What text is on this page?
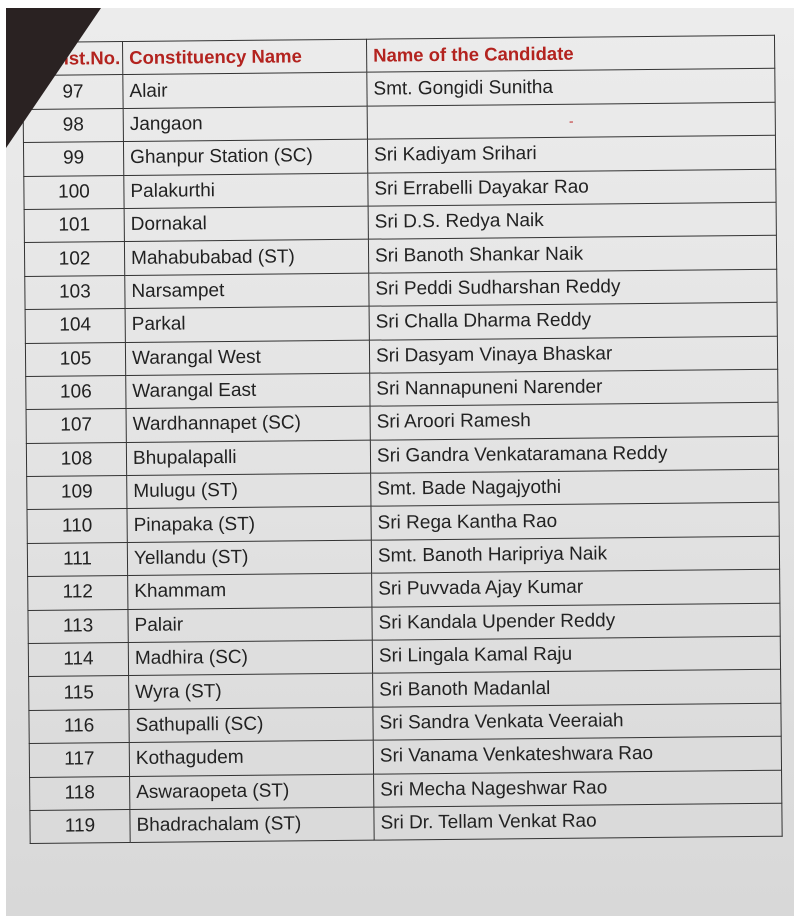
Const.No.	Constituency Name	Name of the Candidate
97	Alair	Smt. Gongidi Sunitha
98	Jangaon	-
99	Ghanpur Station (SC)	Sri Kadiyam Srihari
100	Palakurthi	Sri Errabelli Dayakar Rao
101	Dornakal	Sri D.S. Redya Naik
102	Mahabubabad (ST)	Sri Banoth Shankar Naik
103	Narsampet	Sri Peddi Sudharshan Reddy
104	Parkal	Sri Challa Dharma Reddy
105	Warangal West	Sri Dasyam Vinaya Bhaskar
106	Warangal East	Sri Nannapuneni Narender
107	Wardhannapet (SC)	Sri Aroori Ramesh
108	Bhupalapalli	Sri Gandra Venkataramana Reddy
109	Mulugu (ST)	Smt. Bade Nagajyothi
110	Pinapaka (ST)	Sri Rega Kantha Rao
111	Yellandu (ST)	Smt. Banoth Haripriya Naik
112	Khammam	Sri Puvvada Ajay Kumar
113	Palair	Sri Kandala Upender Reddy
114	Madhira (SC)	Sri Lingala Kamal Raju
115	Wyra (ST)	Sri Banoth Madanlal
116	Sathupalli (SC)	Sri Sandra Venkata Veeraiah
117	Kothagudem	Sri Vanama Venkateshwara Rao
118	Aswaraopeta (ST)	Sri Mecha Nageshwar Rao
119	Bhadrachalam (ST)	Sri Dr. Tellam Venkat Rao
